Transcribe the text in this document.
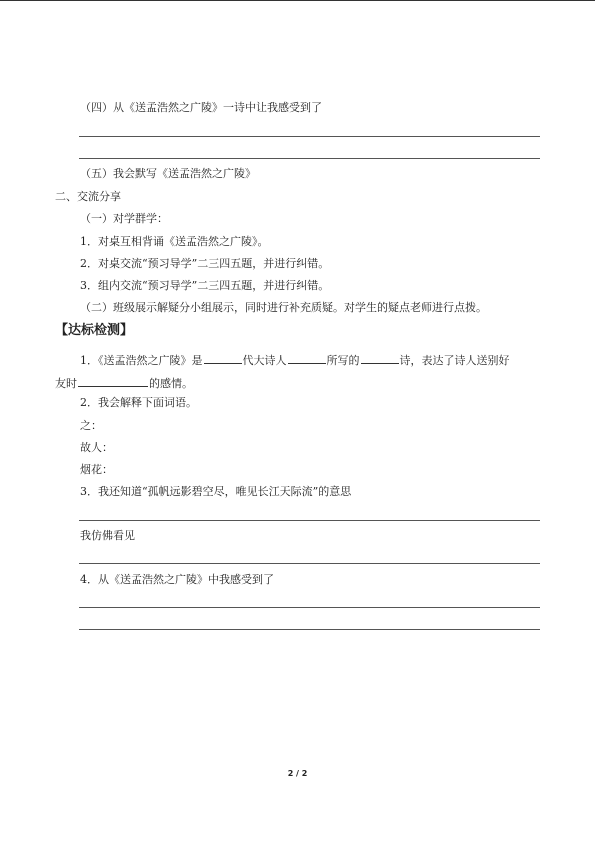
（四）从《送孟浩然之广陵》一诗中让我感受到了
（五）我会默写《送孟浩然之广陵》
二、交流分享
（一）对学群学：
1．对桌互相背诵《送孟浩然之广陵》。
2．对桌交流“预习导学”二三四五题，并进行纠错。
3．组内交流“预习导学”二三四五题，并进行纠错。
（二）班级展示解疑分小组展示，同时进行补充质疑。对学生的疑点老师进行点拨。
【达标检测】
1．《送孟浩然之广陵》是	代大诗人	所写的	诗，表达了诗人送别好
友时	的感情。
2．我会解释下面词语。
之：
故人：
烟花：
3．我还知道“孤帆远影碧空尽，唯见长江天际流”的意思
我仿佛看见
4．从《送孟浩然之广陵》中我感受到了
2 / 2
